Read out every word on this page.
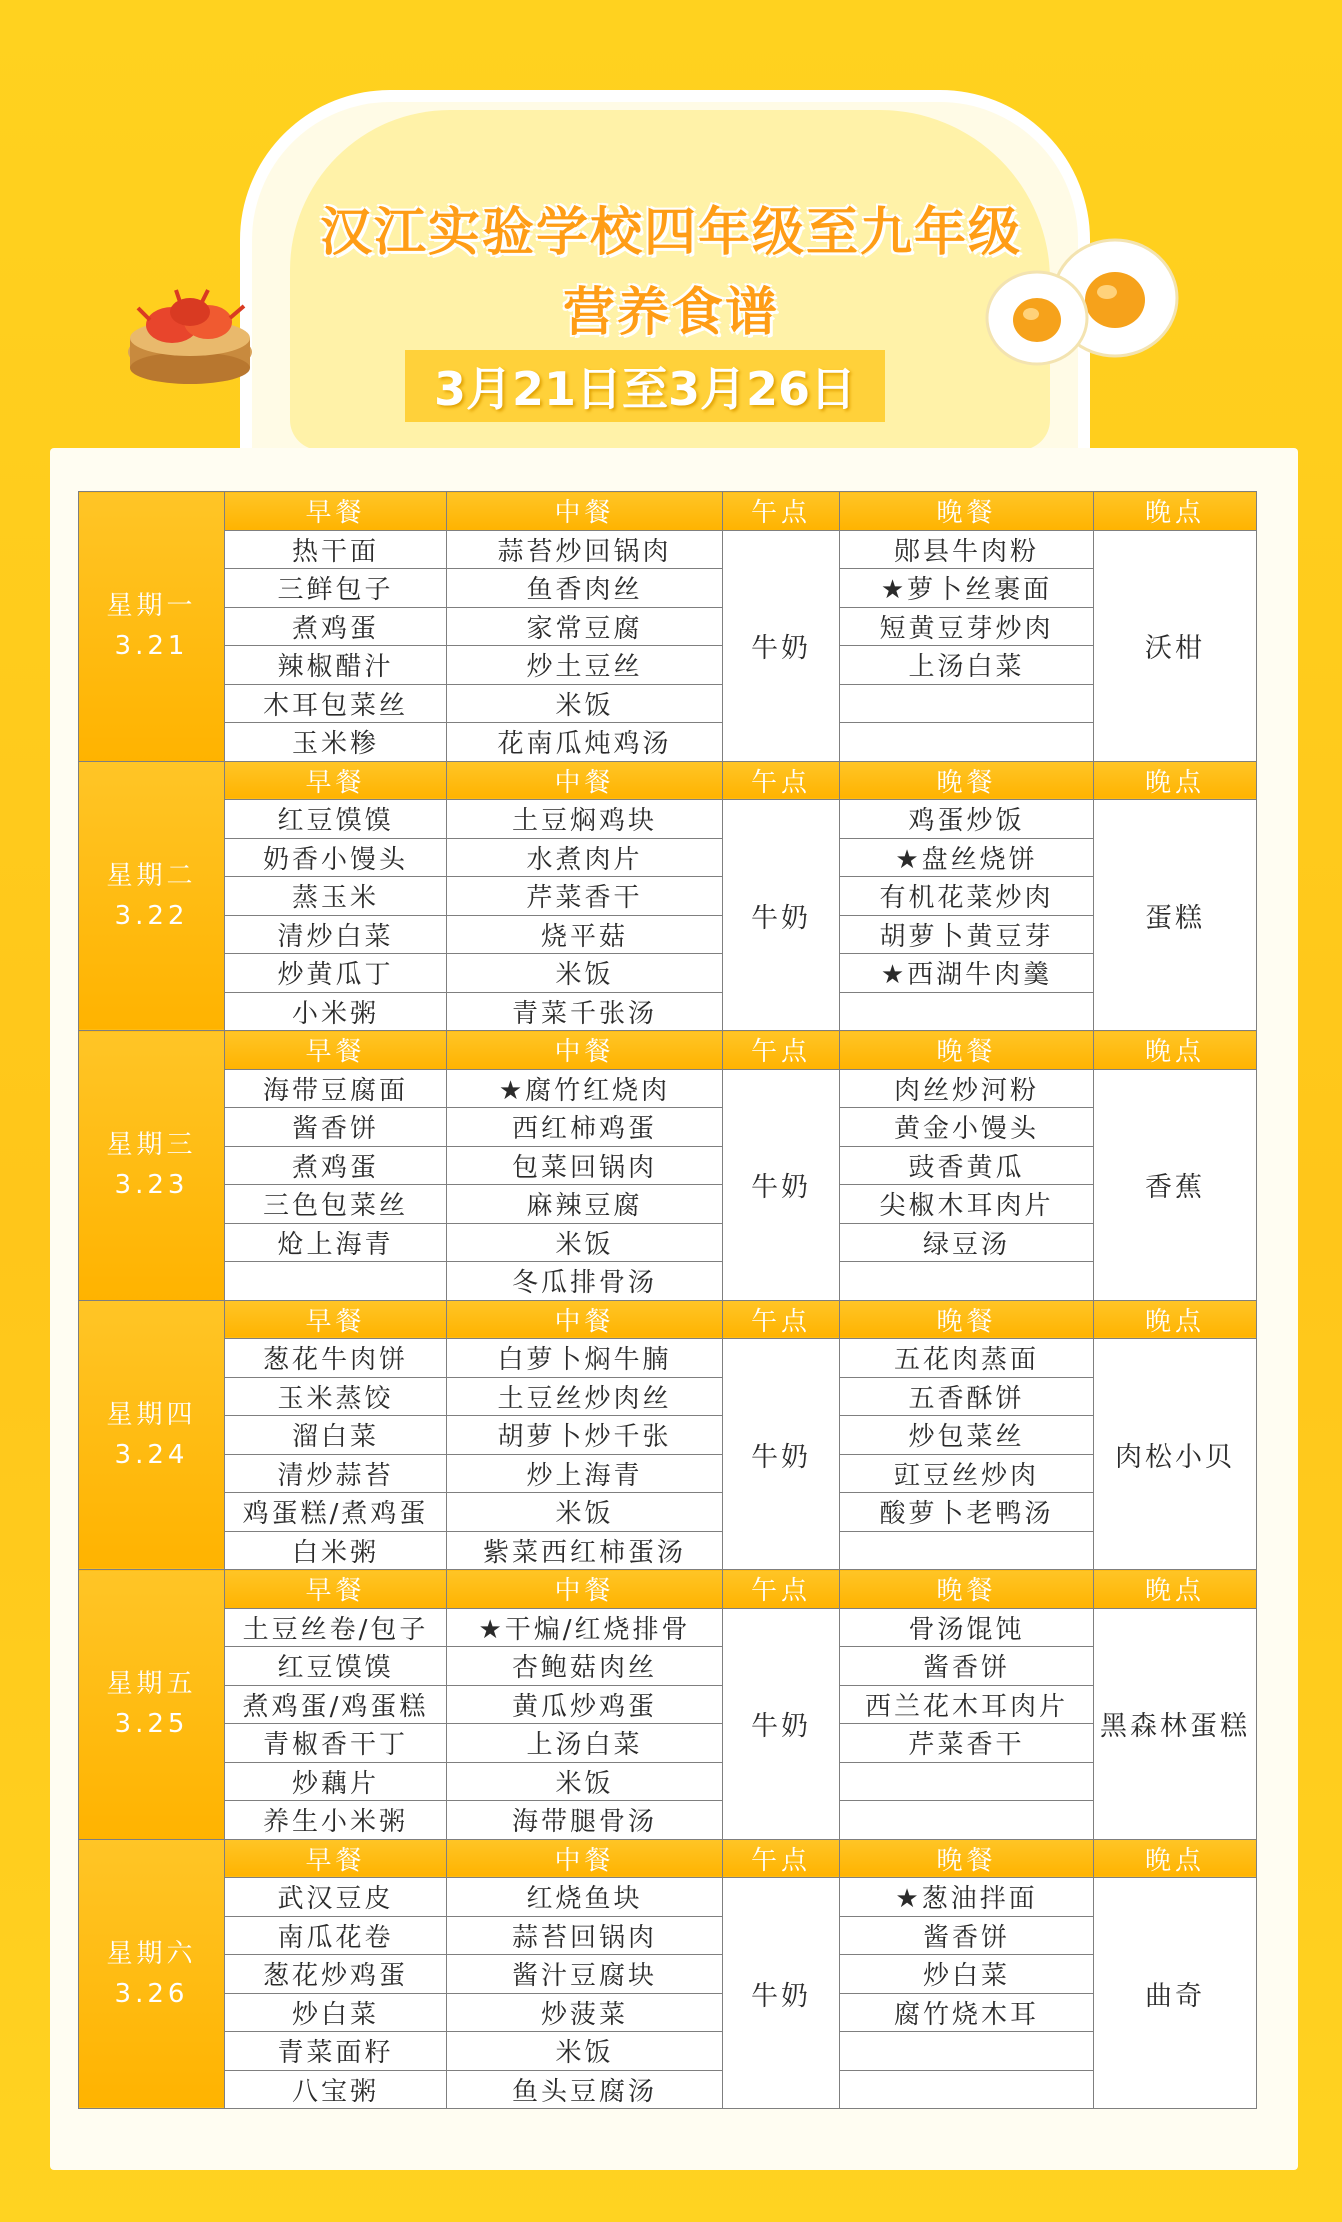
汉江实验学校四年级至九年级
营养食谱
3月21日至3月26日
星期一
3.21	早餐	中餐	午点	晚餐	晚点
	热干面	蒜苔炒回锅肉	牛奶	郧县牛肉粉	沃柑
	三鲜包子	鱼香肉丝		★萝卜丝裹面	
	煮鸡蛋	家常豆腐		短黄豆芽炒肉	
	辣椒醋汁	炒土豆丝		上汤白菜	
	木耳包菜丝	米饭			
	玉米糁	花南瓜炖鸡汤			

星期二
3.22	早餐	中餐	午点	晚餐	晚点
	红豆馍馍	土豆焖鸡块	牛奶	鸡蛋炒饭	蛋糕
	奶香小馒头	水煮肉片		★盘丝烧饼	
	蒸玉米	芹菜香干		有机花菜炒肉	
	清炒白菜	烧平菇		胡萝卜黄豆芽	
	炒黄瓜丁	米饭		★西湖牛肉羹	
	小米粥	青菜千张汤			

星期三
3.23	早餐	中餐	午点	晚餐	晚点
	海带豆腐面	★腐竹红烧肉	牛奶	肉丝炒河粉	香蕉
	酱香饼	西红柿鸡蛋		黄金小馒头	
	煮鸡蛋	包菜回锅肉		豉香黄瓜	
	三色包菜丝	麻辣豆腐		尖椒木耳肉片	
	炝上海青	米饭		绿豆汤	
		冬瓜排骨汤			

星期四
3.24	早餐	中餐	午点	晚餐	晚点
	葱花牛肉饼	白萝卜焖牛腩	牛奶	五花肉蒸面	肉松小贝
	玉米蒸饺	土豆丝炒肉丝		五香酥饼	
	溜白菜	胡萝卜炒千张		炒包菜丝	
	清炒蒜苔	炒上海青		豇豆丝炒肉	
	鸡蛋糕/煮鸡蛋	米饭		酸萝卜老鸭汤	
	白米粥	紫菜西红柿蛋汤			

星期五
3.25	早餐	中餐	午点	晚餐	晚点
	土豆丝卷/包子	★干煸/红烧排骨	牛奶	骨汤馄饨	黑森林蛋糕
	红豆馍馍	杏鲍菇肉丝		酱香饼	
	煮鸡蛋/鸡蛋糕	黄瓜炒鸡蛋		西兰花木耳肉片	
	青椒香干丁	上汤白菜		芹菜香干	
	炒藕片	米饭			
	养生小米粥	海带腿骨汤			

星期六
3.26	早餐	中餐	午点	晚餐	晚点
	武汉豆皮	红烧鱼块	牛奶	★葱油拌面	曲奇
	南瓜花卷	蒜苔回锅肉		酱香饼	
	葱花炒鸡蛋	酱汁豆腐块		炒白菜	
	炒白菜	炒菠菜		腐竹烧木耳	
	青菜面籽	米饭			
	八宝粥	鱼头豆腐汤			
